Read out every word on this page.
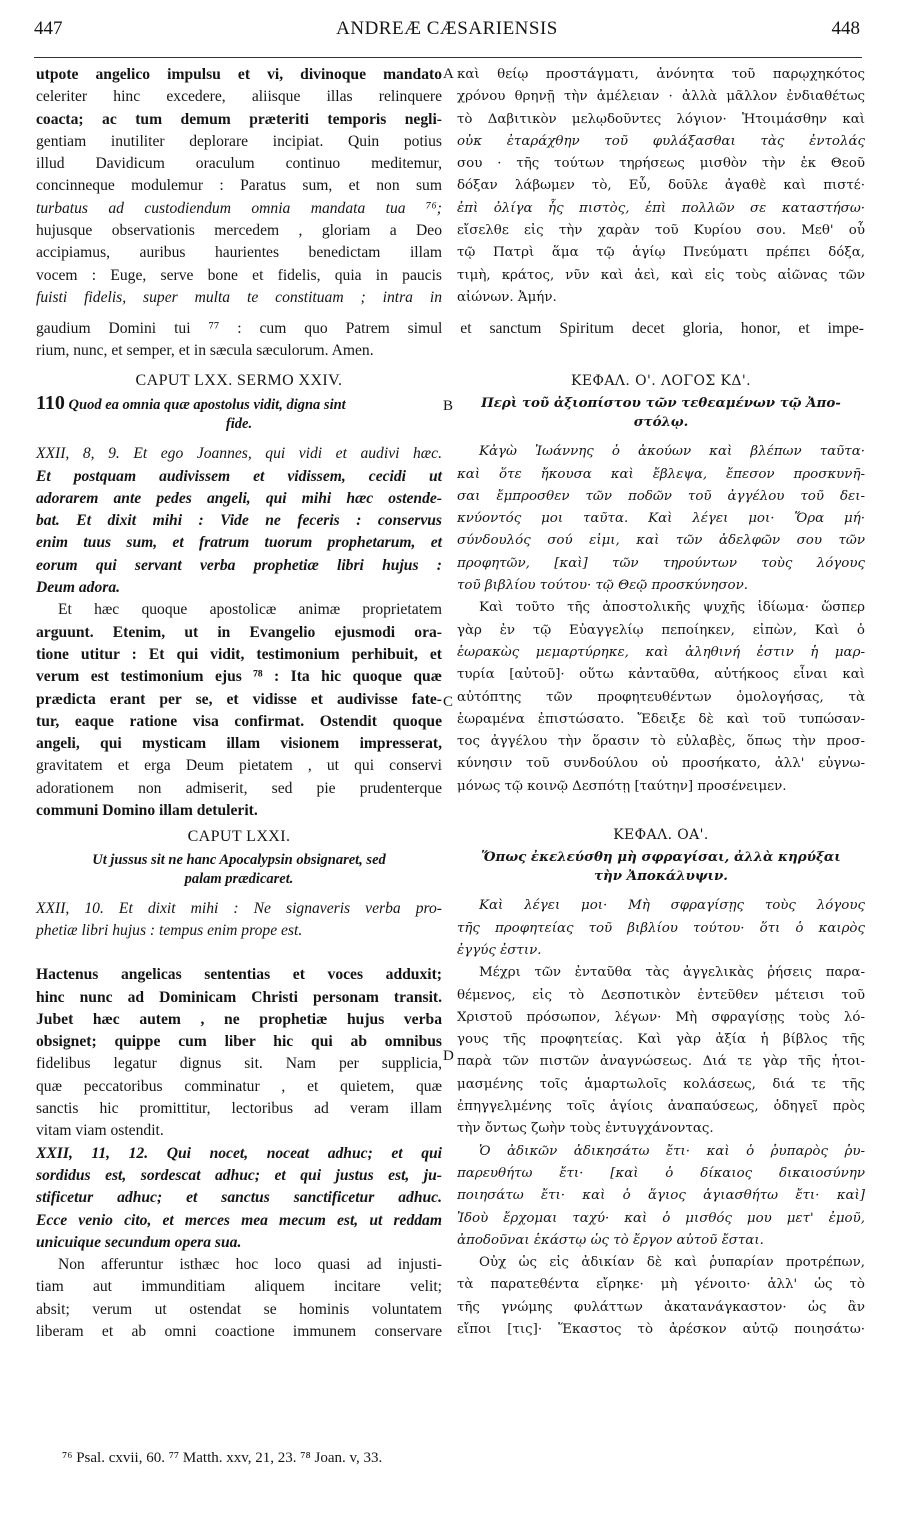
447	ANDREÆ CÆSARIENSIS	448
A
B
C
D

utpote angelico impulsu et vi, divinoque mandato

celeriter hinc excedere, aliisque illas relinquere

coacta; ac tum demum præteriti temporis negli-

gentiam inutiliter deplorare incipiat. Quin potius

illud Davidicum oraculum continuo meditemur,

concinneque modulemur : Paratus sum, et non sum

turbatus ad custodiendum omnia mandata tua ⁷⁶;

hujusque observationis mercedem , gloriam a Deo

accipiamus, auribus haurientes benedictam illam

vocem : Euge, serve bone et fidelis, quia in paucis

fuisti fidelis, super multa te constituam ; intra in

καὶ θείῳ προστάγματι, ἀνόνητα τοῦ παρῳχηκότος

χρόνου θρηνῇ τὴν ἀμέλειαν · ἀλλὰ μᾶλλον ἐνδιαθέτως

τὸ Δαβιτικὸν μελῳδοῦντες λόγιον· Ἡτοιμάσθην καὶ

οὐκ ἐταράχθην τοῦ φυλάξασθαι τὰς ἐντολάς

σου · τῆς τούτων τηρήσεως μισθὸν τὴν ἐκ Θεοῦ

δόξαν λάβωμεν τὸ, Εὖ, δοῦλε ἀγαθὲ καὶ πιστέ·

ἐπὶ ὀλίγα ἧς πιστὸς, ἐπὶ πολλῶν σε καταστήσω·

εἴσελθε εἰς τὴν χαρὰν τοῦ Κυρίου σου. Μεθ' οὗ

τῷ Πατρὶ ἅμα τῷ ἁγίῳ Πνεύματι πρέπει δόξα,

τιμὴ, κράτος, νῦν καὶ ἀεὶ, καὶ εἰς τοὺς αἰῶνας τῶν

αἰώνων. Ἀμήν.

gaudium Domini tui ⁷⁷ : cum quo Patrem simul et sanctum Spiritum decet gloria, honor, et impe-

rium, nunc, et semper, et in sæcula sæculorum. Amen.

CAPUT LXX. SERMO XXIV.
110 Quod ea omnia quæ apostolus vidit, digna sint
fide.

XXII, 8, 9. Et ego Joannes, qui vidi et audivi hæc.

Et postquam audivissem et vidissem, cecidi ut

adorarem ante pedes angeli, qui mihi hæc ostende-

bat. Et dixit mihi : Vide ne feceris : conservus

enim tuus sum, et fratrum tuorum prophetarum, et

eorum qui servant verba prophetiæ libri hujus :

Deum adora.

Et hæc quoque apostolicæ animæ proprietatem

arguunt. Etenim, ut in Evangelio ejusmodi ora-

tione utitur : Et qui vidit, testimonium perhibuit, et

verum est testimonium ejus ⁷⁸ : Ita hic quoque quæ

prædicta erant per se, et vidisse et audivisse fate-

tur, eaque ratione visa confirmat. Ostendit quoque

angeli, qui mysticam illam visionem impresserat,

gravitatem et erga Deum pietatem , ut qui conservi

adorationem non admiserit, sed pie prudenterque

communi Domino illam detulerit.

CAPUT LXXI.
Ut jussus sit ne hanc Apocalypsin obsignaret, sed
palam prædicaret.

XXII, 10. Et dixit mihi : Ne signaveris verba pro-

phetiæ libri hujus : tempus enim prope est.

Hactenus angelicas sententias et voces adduxit;

hinc nunc ad Dominicam Christi personam transit.

Jubet hæc autem , ne prophetiæ hujus verba

obsignet; quippe cum liber hic qui ab omnibus

fidelibus legatur dignus sit. Nam per supplicia,

quæ peccatoribus comminatur , et quietem, quæ

sanctis hic promittitur, lectoribus ad veram illam

vitam viam ostendit.

XXII, 11, 12. Qui nocet, noceat adhuc; et qui

sordidus est, sordescat adhuc; et qui justus est, ju-

stificetur adhuc; et sanctus sanctificetur adhuc.

Ecce venio cito, et merces mea mecum est, ut reddam

unicuique secundum opera sua.

Non afferuntur isthæc hoc loco quasi ad injusti-

tiam aut immunditiam aliquem incitare velit;

absit; verum ut ostendat se hominis voluntatem

liberam et ab omni coactione immunem conservare

ΚΕΦΑΛ. Ο'. ΛΟΓΟΣ ΚΔ'.
Περὶ τοῦ ἀξιοπίστου τῶν τεθεαμένων τῷ Ἀπο-
στόλῳ.

Κἀγὼ Ἰωάννης ὁ ἀκούων καὶ βλέπων ταῦτα·

καὶ ὅτε ἤκουσα καὶ ἔβλεψα, ἔπεσον προσκυνῆ-

σαι ἔμπροσθεν τῶν ποδῶν τοῦ ἀγγέλου τοῦ δει-

κνύοντός μοι ταῦτα. Καὶ λέγει μοι· Ὅρα μή·

σύνδουλός σού εἰμι, καὶ τῶν ἀδελφῶν σου τῶν

προφητῶν, [καὶ] τῶν τηρούντων τοὺς λόγους

τοῦ βιβλίου τούτου· τῷ Θεῷ προσκύνησον.

Καὶ τοῦτο τῆς ἀποστολικῆς ψυχῆς ἰδίωμα· ὥσπερ

γὰρ ἐν τῷ Εὐαγγελίῳ πεποίηκεν, εἰπὼν, Καὶ ὁ

ἑωρακὼς μεμαρτύρηκε, καὶ ἀληθινή ἐστιν ἡ μαρ-

τυρία [αὐτοῦ]· οὕτω κἀνταῦθα, αὐτήκοος εἶναι καὶ

αὐτόπτης τῶν προφητευθέντων ὁμολογήσας, τὰ

ἑωραμένα ἐπιστώσατο. Ἔδειξε δὲ καὶ τοῦ τυπώσαν-

τος ἀγγέλου τὴν ὅρασιν τὸ εὐλαβὲς, ὅπως τὴν προσ-

κύνησιν τοῦ συνδούλου οὐ προσήκατο, ἀλλ' εὐγνω-

μόνως τῷ κοινῷ Δεσπότῃ [ταύτην] προσένειμεν.

ΚΕΦΑΛ. ΟΑ'.
Ὅπως ἐκελεύσθη μὴ σφραγίσαι, ἀλλὰ κηρύξαι
τὴν Ἀποκάλυψιν.

Καὶ λέγει μοι· Μὴ σφραγίσῃς τοὺς λόγους

τῆς προφητείας τοῦ βιβλίου τούτου· ὅτι ὁ καιρὸς

ἐγγύς ἐστιν.

Μέχρι τῶν ἐνταῦθα τὰς ἀγγελικὰς ῥήσεις παρα-

θέμενος, εἰς τὸ Δεσποτικὸν ἐντεῦθεν μέτεισι τοῦ

Χριστοῦ πρόσωπον, λέγων· Μὴ σφραγίσῃς τοὺς λό-

γους τῆς προφητείας. Καὶ γὰρ ἀξία ἡ βίβλος τῆς

παρὰ τῶν πιστῶν ἀναγνώσεως. Διά τε γὰρ τῆς ἡτοι-

μασμένης τοῖς ἁμαρτωλοῖς κολάσεως, διά τε τῆς

ἐπηγγελμένης τοῖς ἁγίοις ἀναπαύσεως, ὁδηγεῖ πρὸς

τὴν ὄντως ζωὴν τοὺς ἐντυγχάνοντας.

Ὁ ἀδικῶν ἀδικησάτω ἔτι· καὶ ὁ ῥυπαρὸς ῥυ-

παρευθήτω ἔτι· [καὶ ὁ δίκαιος δικαιοσύνην

ποιησάτω ἔτι· καὶ ὁ ἅγιος ἁγιασθήτω ἔτι· καὶ]

Ἰδοὺ ἔρχομαι ταχύ· καὶ ὁ μισθός μου μετ' ἐμοῦ,

ἀποδοῦναι ἑκάστῳ ὡς τὸ ἔργον αὐτοῦ ἔσται.

Οὐχ ὡς εἰς ἀδικίαν δὲ καὶ ῥυπαρίαν προτρέπων,

τὰ παρατεθέντα εἴρηκε· μὴ γένοιτο· ἀλλ' ὡς τὸ

τῆς γνώμης φυλάττων ἀκατανάγκαστον· ὡς ἂν

εἴποι [τις]· Ἕκαστος τὸ ἀρέσκον αὐτῷ ποιησάτω·

⁷⁶ Psal. cxvii, 60. ⁷⁷ Matth. xxv, 21, 23. ⁷⁸ Joan. v, 33.
